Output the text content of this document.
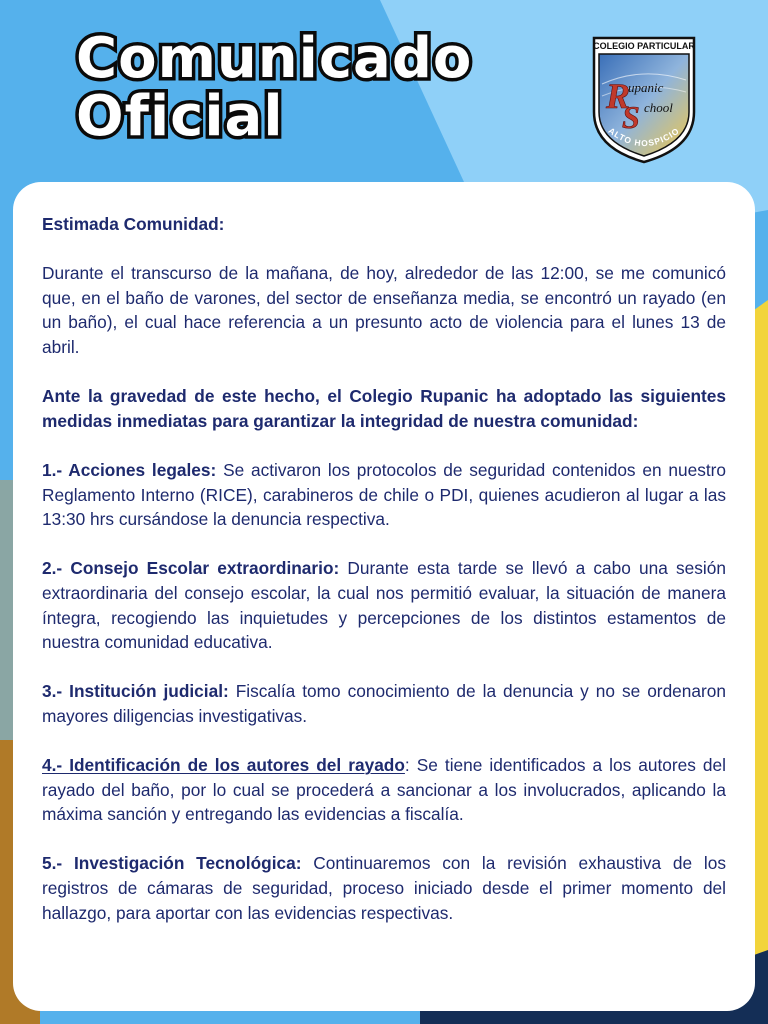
Comunicado
Oficial
COLEGIO PARTICULAR
R
S
upanic
chool
ALTO HOSPICIO

Estimada Comunidad:

Durante el transcurso de la mañana, de hoy, alrededor de las 12:00, se me comunicó que, en el baño de varones, del sector de enseñanza media, se encontró un rayado (en un baño), el cual hace referencia a un presunto acto de violencia para el lunes 13 de abril.

Ante la gravedad de este hecho, el Colegio Rupanic ha adoptado las siguientes medidas inmediatas para garantizar la integridad de nuestra comunidad:

1.- Acciones legales: Se activaron los protocolos de seguridad contenidos en nuestro Reglamento Interno (RICE), carabineros de chile o PDI, quienes acudieron al lugar a las 13:30 hrs cursándose la denuncia respectiva.

2.- Consejo Escolar extraordinario: Durante esta tarde se llevó a cabo una sesión extraordinaria del consejo escolar, la cual nos permitió evaluar, la situación de manera íntegra, recogiendo las inquietudes y percepciones de los distintos estamentos de nuestra comunidad educativa.

3.- Institución judicial: Fiscalía tomo conocimiento de la denuncia y no se ordenaron mayores diligencias investigativas.

4.- Identificación de los autores del rayado: Se tiene identificados a los autores del rayado del baño, por lo cual se procederá a sancionar a los involucrados, aplicando la máxima sanción y entregando las evidencias a fiscalía.

5.- Investigación Tecnológica: Continuaremos con la revisión exhaustiva de los registros de cámaras de seguridad, proceso iniciado desde el primer momento del hallazgo, para aportar con las evidencias respectivas.
